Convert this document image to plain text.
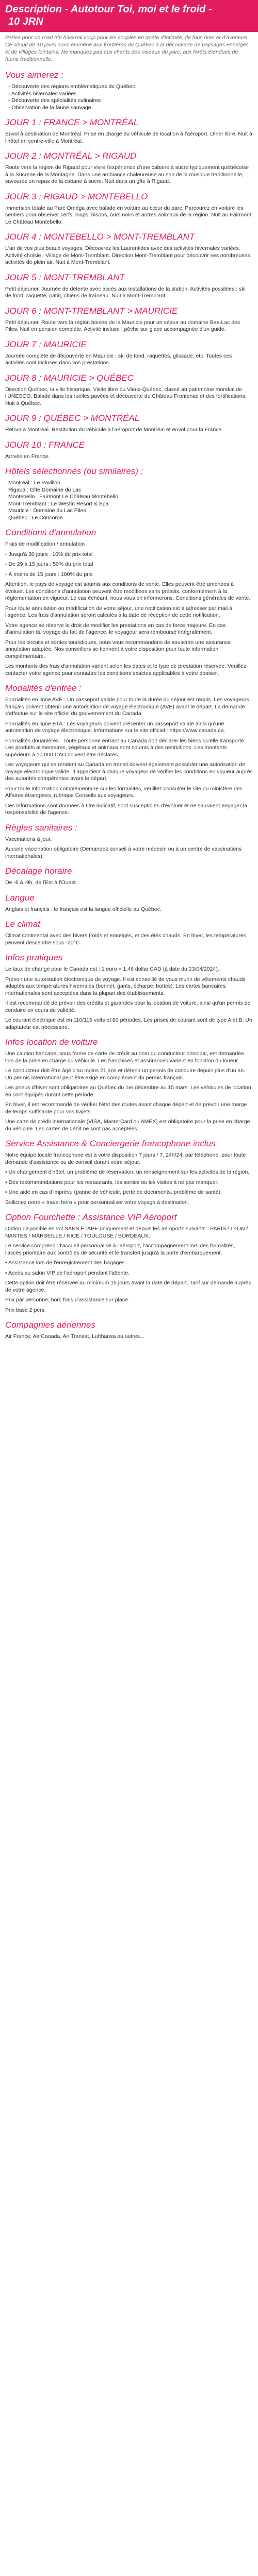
Description - Autotour Toi, moi et le froid -
10 JRN

Parlez pour un road trip hivernal coup pour les couples en quête d'intimité, de fous rires et d'aventure. Ce circuit de 10 jours nous emmène aux frontières du Québec à la découverte de paysages enneigés et de villages lointains. Ne manquez pas aux chants des oiseaux du parc, aux forêts étendues de faune traditionnelle.

Vous aimerez :
- Découverte des régions emblématiques du Québec
- Activités hivernales variées
- Découverte des spécialités culinaires
- Observation de la faune sauvage
JOUR 1 : FRANCE > MONTRÉAL

Envol à destination de Montréal. Prise en charge du véhicule de location à l'aéroport. Dîner libre. Nuit à l'hôtel en centre-ville à Montréal.

JOUR 2 : MONTRÉAL > RIGAUD

Route vers la région de Rigaud pour vivre l'expérience d'une cabane à sucre typiquement québécoise à la Sucrerie de la Montagne. Dans une ambiance chaleureuse au son de la musique traditionnelle, savourez un repas de la cabane à sucre. Nuit dans un gîte à Rigaud.

JOUR 3 : RIGAUD > MONTEBELLO

Immersion totale au Parc Oméga avec balade en voiture au cœur du parc. Parcourez en voiture les sentiers pour observer cerfs, loups, bisons, ours noirs et autres animaux de la région. Nuit au Fairmont Le Château Montebello.

JOUR 4 : MONTEBELLO > MONT-TREMBLANT

L'un de vos plus beaux voyages. Découvrez les Laurentides avec des activités hivernales variées. Activité choisie : Village de Mont-Tremblant. Direction Mont-Tremblant pour découvrir ses nombreuses activités de plein air. Nuit à Mont-Tremblant.

JOUR 5 : MONT-TREMBLANT

Petit déjeuner. Journée de détente avec accès aux installations de la station. Activités possibles : ski de fond, raquette, patin, chiens de traîneau. Nuit à Mont-Tremblant.

JOUR 6 : MONT-TREMBLANT > MAURICIE

Petit déjeuner. Route vers la région boisée de la Mauricie pour un séjour au domaine Bas-Lac des Piles. Nuit en pension complète. Activité incluse : pêche sur glace accompagnée d'un guide.

JOUR 7 : MAURICIE

Journée complète de découverte en Mauricie : ski de fond, raquettes, glissade, etc. Toutes ces activités sont incluses dans vos prestations.

JOUR 8 : MAURICIE > QUÉBEC

Direction Québec, la ville historique. Visite libre du Vieux-Québec, classé au patrimoine mondial de l'UNESCO. Balade dans les ruelles pavées et découverte du Château Frontenac et des fortifications. Nuit à Québec.

JOUR 9 : QUÉBEC > MONTRÉAL

Retour à Montréal. Restitution du véhicule à l'aéroport de Montréal et envol pour la France.

JOUR 10 : FRANCE

Arrivée en France.

Hôtels sélectionnés (ou similaires) :
Montréal : Le Pavillon
Rigaud : Gîte Domaine du Lac
Montebello : Fairmont Le Château Montebello
Mont-Tremblant : Le Westin Resort & Spa
Mauricie : Domaine du Lac Piles
Québec : Le Concorde
Conditions d'annulation

Frais de modification / annulation :

- Jusqu'à 30 jours : 10% du prix total

- De 29 à 15 jours : 50% du prix total

- À moins de 15 jours : 100% du prix

Attention, le pays de voyage est soumis aux conditions de vente. Elles peuvent être amenées à évoluer. Les conditions d'annulation peuvent être modifiées sans préavis, conformément à la réglementation en vigueur. Le cas échéant, nous vous en informerons. Conditions générales de vente.

Pour toute annulation ou modification de votre séjour, une notification est à adresser par mail à l'agence. Les frais d'annulation seront calculés à la date de réception de cette notification.

Votre agence se réserve le droit de modifier les prestations en cas de force majeure. En cas d'annulation du voyage du fait de l'agence, le voyageur sera remboursé intégralement.

Pour les circuits et sorties touristiques, nous vous recommandons de souscrire une assurance annulation adaptée. Nos conseillers se tiennent à votre disposition pour toute information complémentaire.

Les montants des frais d'annulation varient selon les dates et le type de prestation réservée. Veuillez contacter votre agence pour connaître les conditions exactes applicables à votre dossier.

Modalités d'entrée :

Formalités en ligne AVE : Un passeport valide pour toute la durée du séjour est requis. Les voyageurs français doivent obtenir une autorisation de voyage électronique (AVE) avant le départ. La demande s'effectue sur le site officiel du gouvernement du Canada.

Formalités en ligne ETA : Les voyageurs doivent présenter un passeport valide ainsi qu'une autorisation de voyage électronique. Informations sur le site officiel : https://www.canada.ca.

Formalités douanières : Toute personne entrant au Canada doit déclarer les biens qu'elle transporte. Les produits alimentaires, végétaux et animaux sont soumis à des restrictions. Les montants supérieurs à 10 000 CAD doivent être déclarés.

Les voyageurs qui se rendent au Canada en transit doivent également posséder une autorisation de voyage électronique valide. Il appartient à chaque voyageur de vérifier les conditions en vigueur auprès des autorités compétentes avant le départ.

Pour toute information complémentaire sur les formalités, veuillez consulter le site du ministère des Affaires étrangères, rubrique Conseils aux voyageurs.

Ces informations sont données à titre indicatif, sont susceptibles d'évoluer et ne sauraient engager la responsabilité de l'agence.

Règles sanitaires :

Vaccinations à jour.

Aucune vaccination obligatoire (Demandez conseil à votre médecin ou à un centre de vaccinations internationales).

Décalage horaire

De -6 à -9h, de l'Est à l'Ouest.

Langue

Anglais et français : le français est la langue officielle au Québec.

Le climat

Climat continental avec des hivers froids et enneigés, et des étés chauds. En hiver, les températures peuvent descendre sous -20°C.

Infos pratiques

Le taux de change pour le Canada est : 1 euro = 1,46 dollar CAD (à date du 23/04/2024).

Prévoir une autorisation électronique de voyage. Il est conseillé de vous munir de vêtements chauds adaptés aux températures hivernales (bonnet, gants, écharpe, bottes). Les cartes bancaires internationales sont acceptées dans la plupart des établissements.

Il est recommandé de prévoir des crédits et garanties pour la location de voiture, ainsi qu'un permis de conduire en cours de validité.

Le courant électrique est en 110/115 volts et 60 périodes. Les prises de courant sont de type A et B. Un adaptateur est nécessaire.

Infos location de voiture

Une caution bancaire, sous forme de carte de crédit au nom du conducteur principal, est demandée lors de la prise en charge du véhicule. Les franchises et assurances varient en fonction du loueur.

Le conducteur doit être âgé d'au moins 21 ans et détenir un permis de conduire depuis plus d'un an. Un permis international peut être exigé en complément du permis français.

Les pneus d'hiver sont obligatoires au Québec du 1er décembre au 15 mars. Les véhicules de location en sont équipés durant cette période.

En hiver, il est recommandé de vérifier l'état des routes avant chaque départ et de prévoir une marge de temps suffisante pour vos trajets.

Une carte de crédit internationale (VISA, MasterCard ou AMEX) est obligatoire pour la prise en charge du véhicule. Les cartes de débit ne sont pas acceptées.

Service Assistance & Conciergerie francophone inclus

Notre équipe locale francophone est à votre disposition 7 jours / 7, 24h/24, par téléphone, pour toute demande d'assistance ou de conseil durant votre séjour.

• Un changement d'hôtel, un problème de réservation, un renseignement sur les activités de la région.

• Des recommandations pour les restaurants, les sorties ou les visites à ne pas manquer.

• Une aide en cas d'imprévu (panne de véhicule, perte de documents, problème de santé).

Sollicitez notre « travel hero » pour personnaliser votre voyage à destination.

Option Fourchette : Assistance VIP Aéroport

Option disponible en vol SANS ÉTAPE uniquement et depuis les aéroports suivants : PARIS / LYON / NANTES / MARSEILLE / NICE / TOULOUSE / BORDEAUX.

Le service comprend : l'accueil personnalisé à l'aéroport, l'accompagnement lors des formalités, l'accès prioritaire aux contrôles de sécurité et le transfert jusqu'à la porte d'embarquement.

• Assistance lors de l'enregistrement des bagages.

• Accès au salon VIP de l'aéroport pendant l'attente.

Cette option doit être réservée au minimum 15 jours avant la date de départ. Tarif sur demande auprès de votre agence.

Prix par personne, hors frais d'assistance sur place.

Prix base 2 pers.

Compagnies aériennes

Air France, Air Canada, Air Transat, Lufthansa ou autres...
